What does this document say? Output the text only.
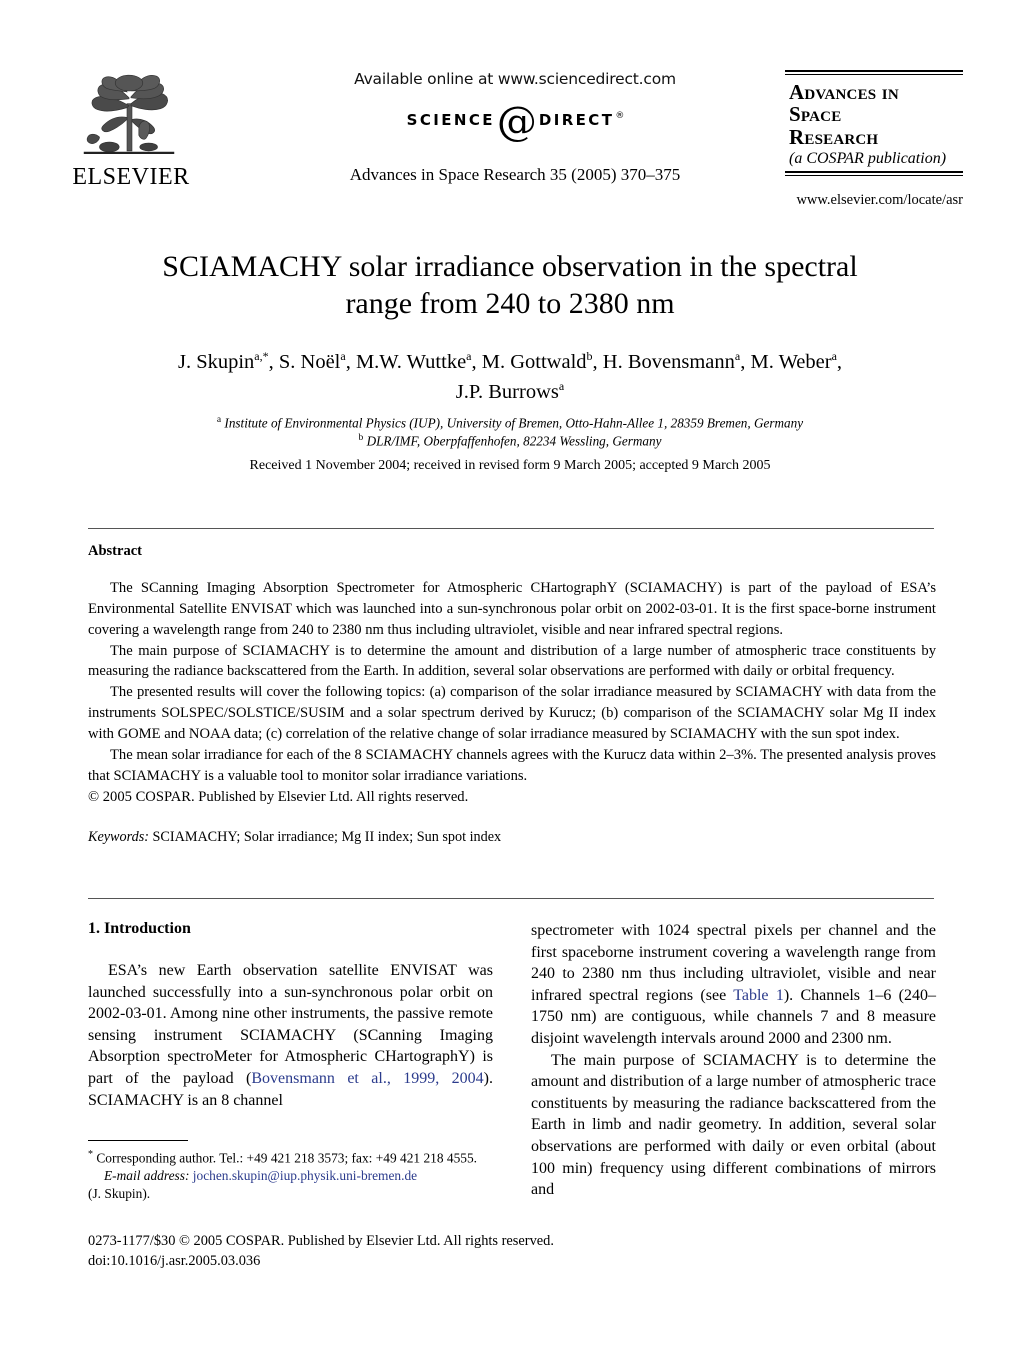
ELSEVIER
Available online at www.sciencedirect.com
SCIENCE @ DIRECT ®
Advances in Space Research 35 (2005) 370–375
Advances in
Space
Research
(a COSPAR publication)
www.elsevier.com/locate/asr
SCIAMACHY solar irradiance observation in the spectral
range from 240 to 2380 nm
J. Skupin$^{a,*}$, S. Noël$^a$, M.W. Wuttke$^a$, M. Gottwald$^b$, H. Bovensmann$^a$, M. Weber$^a$,
J.P. Burrows$^a$
$^a$ Institute of Environmental Physics (IUP), University of Bremen, Otto-Hahn-Allee 1, 28359 Bremen, Germany
$^b$ DLR/IMF, Oberpfaffenhofen, 82234 Wessling, Germany
Received 1 November 2004; received in revised form 9 March 2005; accepted 9 March 2005
Abstract

The SCanning Imaging Absorption Spectrometer for Atmospheric CHartographY (SCIAMACHY) is part of the payload of ESA’s Environmental Satellite ENVISAT which was launched into a sun-synchronous polar orbit on 2002-03-01. It is the first space-borne instrument covering a wavelength range from 240 to 2380 nm thus including ultraviolet, visible and near infrared spectral regions.

The main purpose of SCIAMACHY is to determine the amount and distribution of a large number of atmospheric trace constituents by measuring the radiance backscattered from the Earth. In addition, several solar observations are performed with daily or orbital frequency.

The presented results will cover the following topics: (a) comparison of the solar irradiance measured by SCIAMACHY with data from the instruments SOLSPEC/SOLSTICE/SUSIM and a solar spectrum derived by Kurucz; (b) comparison of the SCIAMACHY solar Mg II index with GOME and NOAA data; (c) correlation of the relative change of solar irradiance measured by SCIAMACHY with the sun spot index.

The mean solar irradiance for each of the 8 SCIAMACHY channels agrees with the Kurucz data within 2–3%. The presented analysis proves that SCIAMACHY is a valuable tool to monitor solar irradiance variations.

© 2005 COSPAR. Published by Elsevier Ltd. All rights reserved.

Keywords: SCIAMACHY; Solar irradiance; Mg II index; Sun spot index
1. Introduction

ESA’s new Earth observation satellite ENVISAT was launched successfully into a sun-synchronous polar orbit on 2002-03-01. Among nine other instruments, the passive remote sensing instrument SCIAMACHY (SCanning Imaging Absorption spectroMeter for Atmospheric CHartographY) is part of the payload (Bovensmann et al., 1999, 2004). SCIAMACHY is an 8 channel

spectrometer with 1024 spectral pixels per channel and the first spaceborne instrument covering a wavelength range from 240 to 2380 nm thus including ultraviolet, visible and near infrared spectral regions (see Table 1). Channels 1–6 (240–1750 nm) are contiguous, while channels 7 and 8 measure disjoint wavelength intervals around 2000 and 2300 nm.

The main purpose of SCIAMACHY is to determine the amount and distribution of a large number of atmospheric trace constituents by measuring the radiance backscattered from the Earth in limb and nadir geometry. In addition, several solar observations are performed with daily or even orbital (about 100 min) frequency using different combinations of mirrors and

* Corresponding author. Tel.: +49 421 218 3573; fax: +49 421 218 4555.

E-mail address: jochen.skupin@iup.physik.uni-bremen.de

(J. Skupin).

0273-1177/$30 © 2005 COSPAR. Published by Elsevier Ltd. All rights reserved.
doi:10.1016/j.asr.2005.03.036
